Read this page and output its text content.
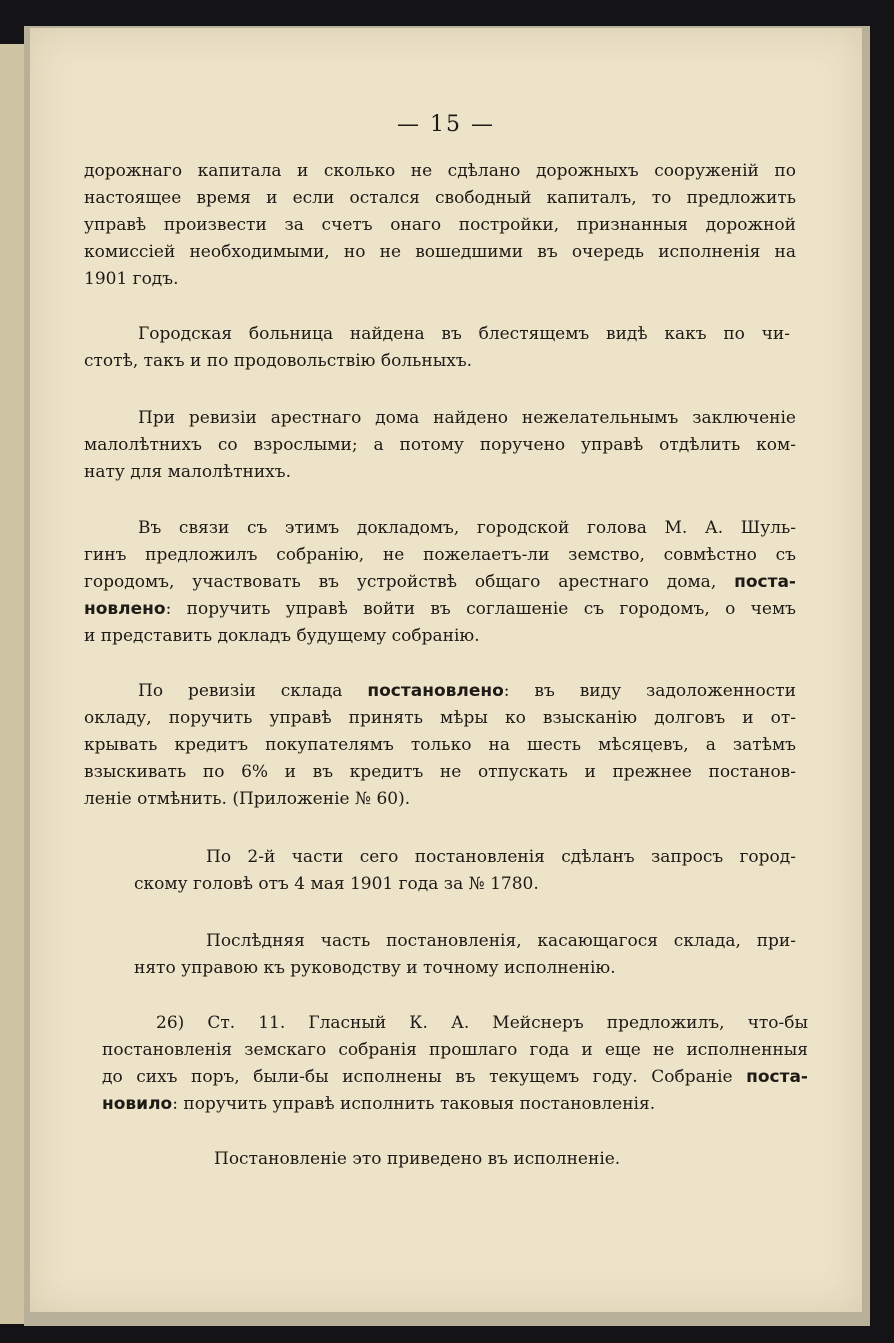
— 15 —

дорожнаго капитала и сколько не сдѣлано дорожныхъ сооруженій по
настоящее время и если остался свободный капиталъ, то предложить
управѣ произвести за счетъ онаго постройки, признанныя дорожной
комиссіей необходимыми, но не вошедшими въ очередь исполненія на
1901 годъ.

Городская больница найдена въ блестящемъ видѣ какъ по чи-
стотѣ, такъ и по продовольствію больныхъ.

При ревизіи арестнаго дома найдено нежелательнымъ заключеніе
малолѣтнихъ со взрослыми; а потому поручено управѣ отдѣлить ком-
нату для малолѣтнихъ.

Въ связи съ этимъ докладомъ, городской голова М. А. Шуль-
гинъ предложилъ собранію, не пожелаетъ-ли земство, совмѣстно съ
городомъ, участвовать въ устройствѣ общаго арестнаго дома, поста-
новлено: поручить управѣ войти въ соглашеніе съ городомъ, о чемъ
и представить докладъ будущему собранію.

По ревизіи склада постановлено: въ виду задоложенности
окладу, поручить управѣ принять мѣры ко взысканію долговъ и от-
крывать кредитъ покупателямъ только на шесть мѣсяцевъ, а затѣмъ
взыскивать по 6% и въ кредитъ не отпускать и прежнее постанов-
леніе отмѣнить. (Приложеніе № 60).

По 2-й части сего постановленія сдѣланъ запросъ город-
скому головѣ отъ 4 мая 1901 года за № 1780.

Послѣдняя часть постановленія, касающагося склада, при-
нято управою къ руководству и точному исполненію.

26) Ст. 11. Гласный К. А. Мейснеръ предложилъ, что-бы
постановленія земскаго собранія прошлаго года и еще не исполненныя
до сихъ поръ, были-бы исполнены въ текущемъ году. Собраніе поста-
новило: поручить управѣ исполнить таковыя постановленія.

Постановленіе это приведено въ исполненіе.
